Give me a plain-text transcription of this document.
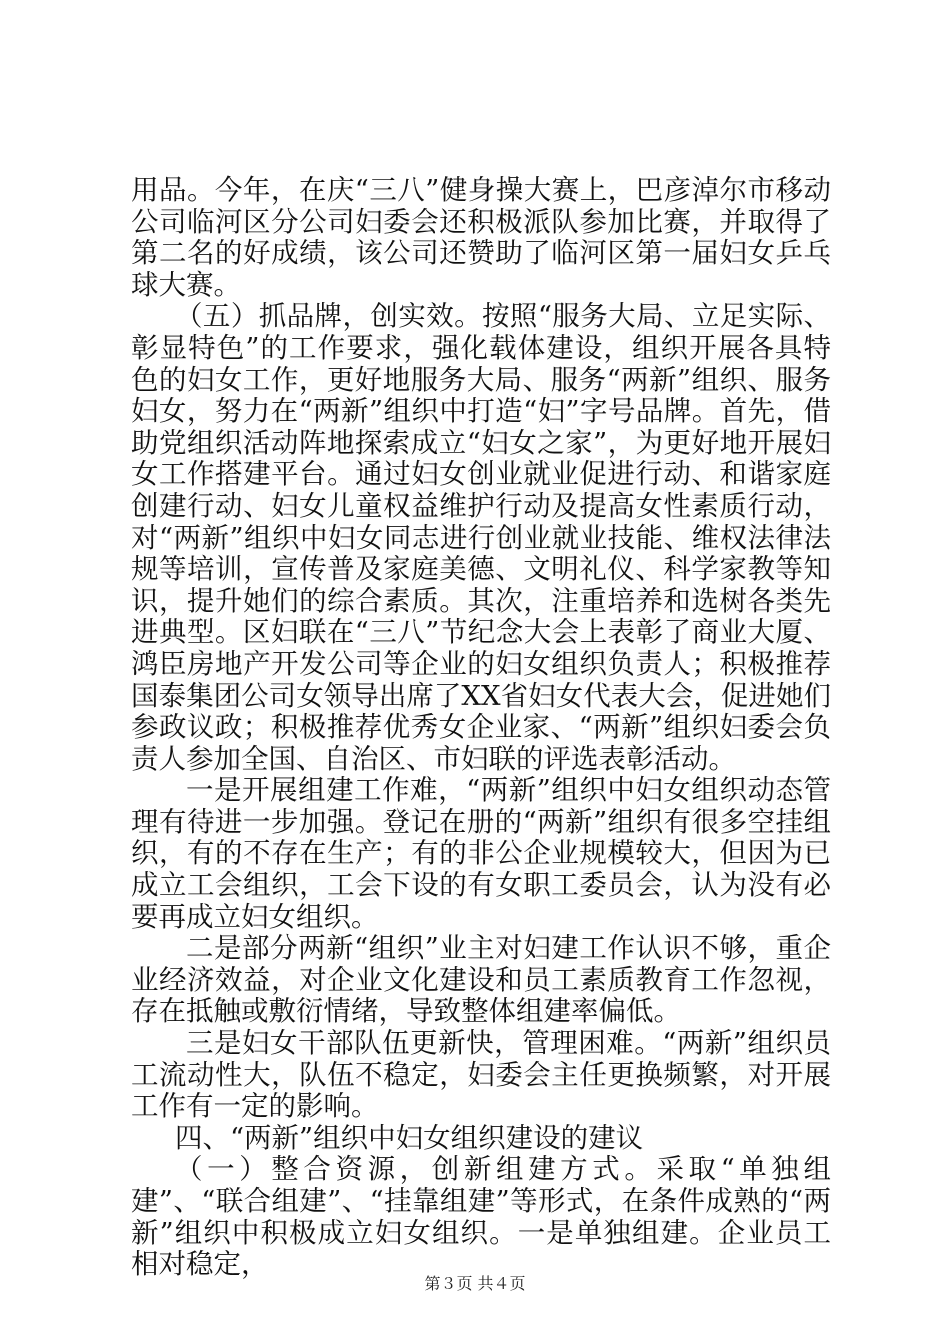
用品。今年，在庆“三八”健身操大赛上，巴彦淖尔市移动公司临河区分公司妇委会还积极派队参加比赛，并取得了第二名的好成绩，该公司还赞助了临河区第一届妇女乒乓球大赛。

（五）抓品牌，创实效。按照“服务大局、立足实际、彰显特色”的工作要求，强化载体建设，组织开展各具特色的妇女工作，更好地服务大局、服务“两新”组织、服务妇女，努力在“两新”组织中打造“妇”字号品牌。首先，借助党组织活动阵地探索成立“妇女之家”，为更好地开展妇女工作搭建平台。通过妇女创业就业促进行动、和谐家庭创建行动、妇女儿童权益维护行动及提高女性素质行动，对“两新”组织中妇女同志进行创业就业技能、维权法律法规等培训，宣传普及家庭美德、文明礼仪、科学家教等知识，提升她们的综合素质。其次，注重培养和选树各类先进典型。区妇联在“三八”节纪念大会上表彰了商业大厦、鸿臣房地产开发公司等企业的妇女组织负责人；积极推荐国泰集团公司女领导出席了XX省妇女代表大会，促进她们参政议政；积极推荐优秀女企业家、“两新”组织妇委会负责人参加全国、自治区、市妇联的评选表彰活动。

一是开展组建工作难，“两新”组织中妇女组织动态管理有待进一步加强。登记在册的“两新”组织有很多空挂组织，有的不存在生产；有的非公企业规模较大，但因为已成立工会组织，工会下设的有女职工委员会，认为没有必要再成立妇女组织。

二是部分两新“组织”业主对妇建工作认识不够，重企业经济效益，对企业文化建设和员工素质教育工作忽视，存在抵触或敷衍情绪，导致整体组建率偏低。

三是妇女干部队伍更新快，管理困难。“两新”组织员工流动性大，队伍不稳定，妇委会主任更换频繁，对开展工作有一定的影响。

四、“两新”组织中妇女组织建设的建议

（一）整合资源，创新组建方式。采取“单独组建”、“联合组建”、“挂靠组建”等形式，在条件成熟的“两新”组织中积极成立妇女组织。一是单独组建。企业员工相对稳定，

第３页 共４页
